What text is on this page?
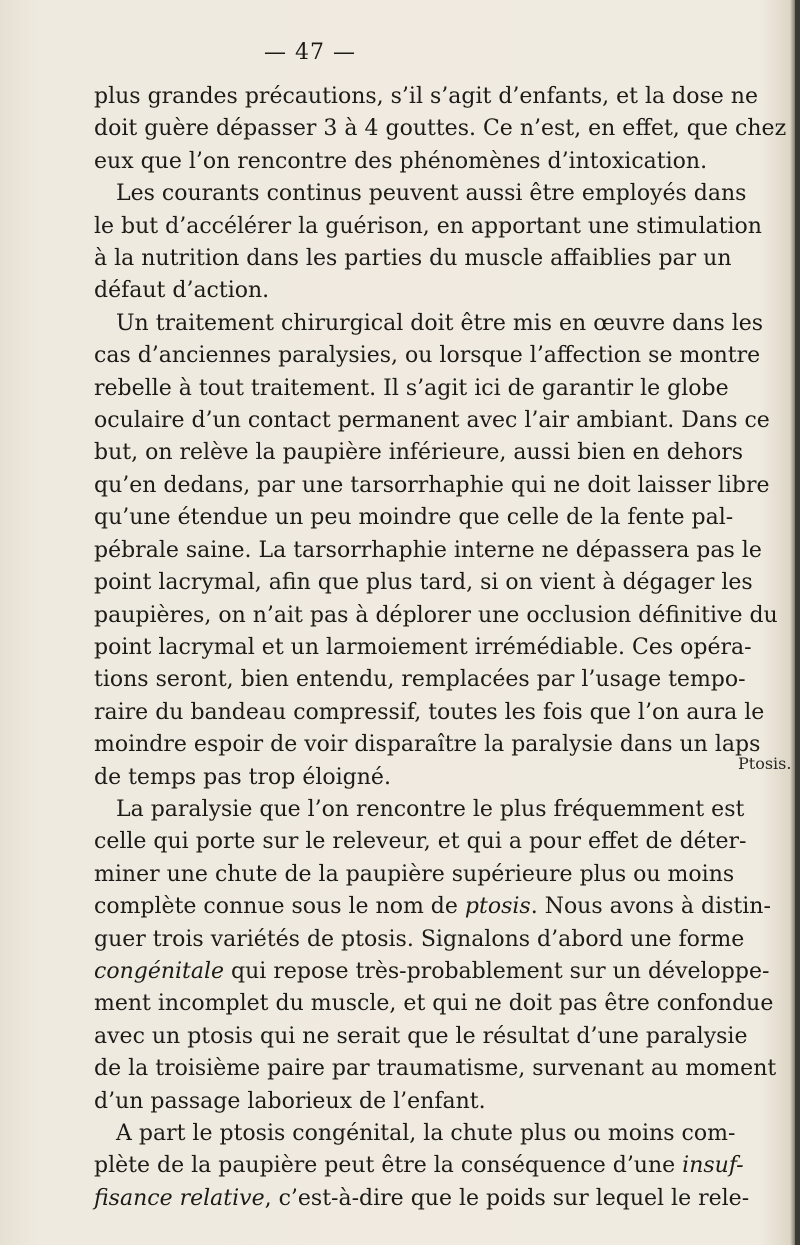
— 47 —

plus grandes précautions, s’il s’agit d’enfants, et la dose ne
doit guère dépasser 3 à 4 gouttes. Ce n’est, en effet, que chez
eux que l’on rencontre des phénomènes d’intoxication.

Les courants continus peuvent aussi être employés dans
le but d’accélérer la guérison, en apportant une stimulation
à la nutrition dans les parties du muscle affaiblies par un
défaut d’action.

Un traitement chirurgical doit être mis en œuvre dans les
cas d’anciennes paralysies, ou lorsque l’affection se montre
rebelle à tout traitement. Il s’agit ici de garantir le globe
oculaire d’un contact permanent avec l’air ambiant. Dans ce
but, on relève la paupière inférieure, aussi bien en dehors
qu’en dedans, par une tarsorrhaphie qui ne doit laisser libre
qu’une étendue un peu moindre que celle de la fente pal-
pébrale saine. La tarsorrhaphie interne ne dépassera pas le
point lacrymal, afin que plus tard, si on vient à dégager les
paupières, on n’ait pas à déplorer une occlusion définitive du
point lacrymal et un larmoiement irrémédiable. Ces opéra-
tions seront, bien entendu, remplacées par l’usage tempo-
raire du bandeau compressif, toutes les fois que l’on aura le
moindre espoir de voir disparaître la paralysie dans un laps
de temps pas trop éloigné.

La paralysie que l’on rencontre le plus fréquemment est
celle qui porte sur le releveur, et qui a pour effet de déter-
miner une chute de la paupière supérieure plus ou moins
complète connue sous le nom de ptosis. Nous avons à distin-
guer trois variétés de ptosis. Signalons d’abord une forme
congénitale qui repose très-probablement sur un développe-
ment incomplet du muscle, et qui ne doit pas être confondue
avec un ptosis qui ne serait que le résultat d’une paralysie
de la troisième paire par traumatisme, survenant au moment
d’un passage laborieux de l’enfant.

A part le ptosis congénital, la chute plus ou moins com-
plète de la paupière peut être la conséquence d’une insuf-
fisance relative, c’est-à-dire que le poids sur lequel le rele-

Ptosis.
